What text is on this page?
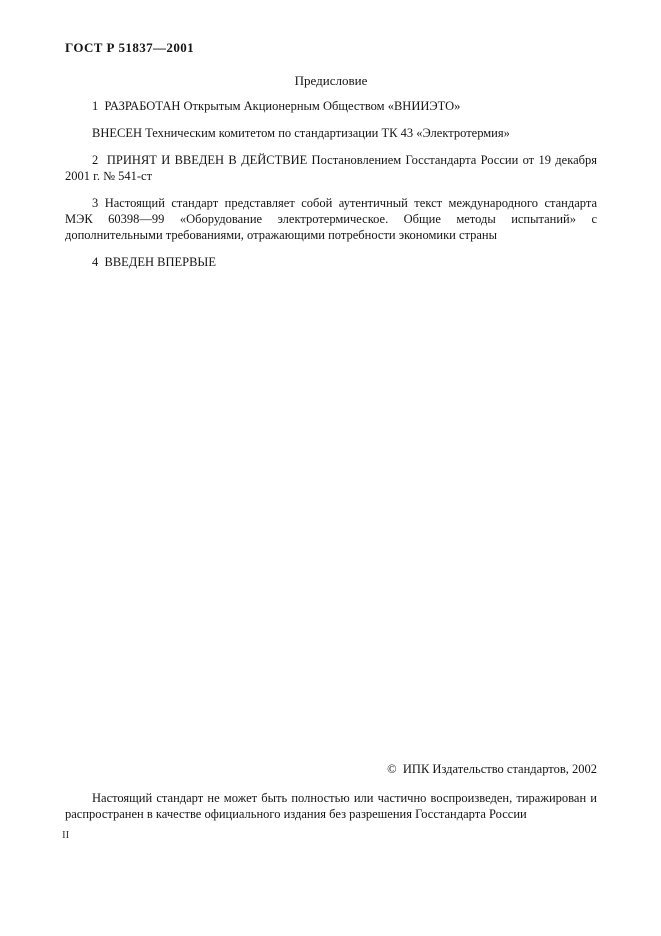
ГОСТ Р 51837—2001
Предисловие

1  РАЗРАБОТАН Открытым Акционерным Обществом «ВНИИЭТО»

ВНЕСЕН Техническим комитетом по стандартизации ТК 43 «Электротермия»

2  ПРИНЯТ И ВВЕДЕН В ДЕЙСТВИЕ Постановлением Госстандарта России от 19 декабря 2001 г. № 541-ст

3 Настоящий стандарт представляет собой аутентичный текст международного стандарта МЭК 60398—99 «Оборудование электротермическое. Общие методы испытаний» с дополнительными требованиями, отражающими потребности экономики страны

4  ВВЕДЕН ВПЕРВЫЕ

©  ИПК Издательство стандартов, 2002

Настоящий стандарт не может быть полностью или частично воспроизведен, тиражирован и распространен в качестве официального издания без разрешения Госстандарта России

II
